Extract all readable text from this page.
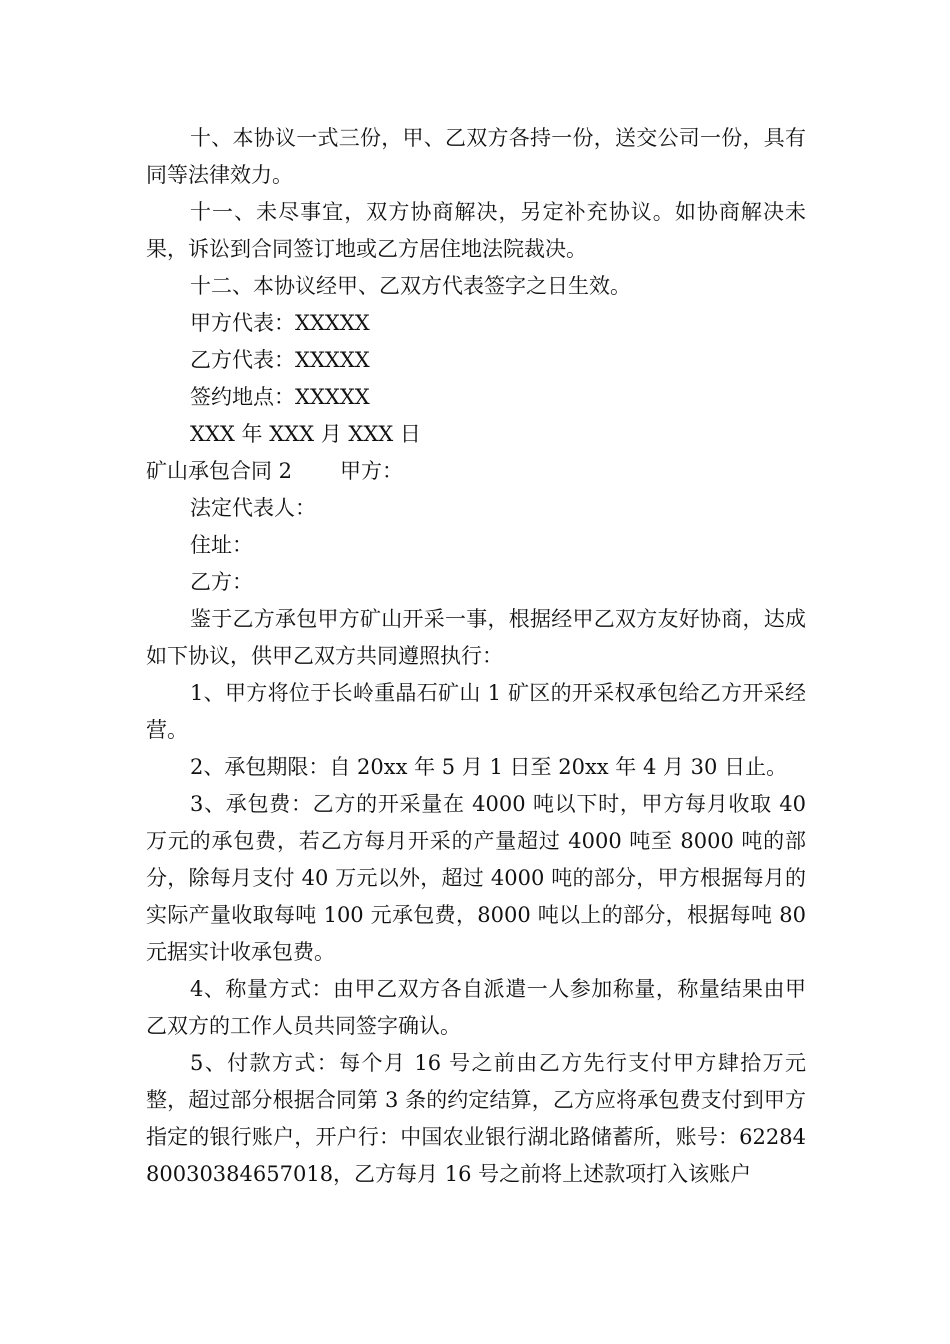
十、本协议一式三份，甲、乙双方各持一份，送交公司一份，具有同等法律效力。

十一、未尽事宜，双方协商解决，另定补充协议。如协商解决未果，诉讼到合同签订地或乙方居住地法院裁决。

十二、本协议经甲、乙双方代表签字之日生效。

甲方代表：XXXXX

乙方代表：XXXXX

签约地点：XXXXX

XXX 年 XXX 月 XXX 日

矿山承包合同 2 甲方：

法定代表人：

住址：

乙方：

鉴于乙方承包甲方矿山开采一事，根据经甲乙双方友好协商，达成如下协议，供甲乙双方共同遵照执行：

1、甲方将位于长岭重晶石矿山 1 矿区的开采权承包给乙方开采经营。

2、承包期限：自 20xx 年 5 月 1 日至 20xx 年 4 月 30 日止。

3、承包费：乙方的开采量在 4000 吨以下时，甲方每月收取 40 万元的承包费，若乙方每月开采的产量超过 4000 吨至 8000 吨的部分，除每月支付 40 万元以外，超过 4000 吨的部分，甲方根据每月的实际产量收取每吨 100 元承包费，8000 吨以上的部分，根据每吨 80 元据实计收承包费。

4、称量方式：由甲乙双方各自派遣一人参加称量，称量结果由甲乙双方的工作人员共同签字确认。

5、付款方式：每个月 16 号之前由乙方先行支付甲方肆拾万元整，超过部分根据合同第 3 条的约定结算，乙方应将承包费支付到甲方指定的银行账户，开户行：中国农业银行湖北路储蓄所，账号：6228480030384657018，乙方每月 16 号之前将上述款项打入该账户
